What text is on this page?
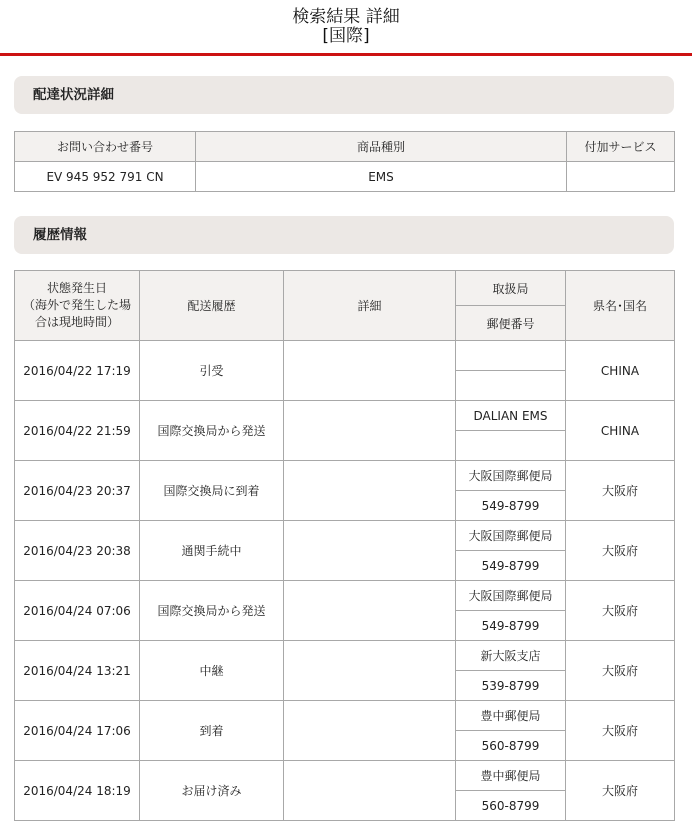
検索結果 詳細
[国際]
配達状況詳細
お問い合わせ番号	商品種別	付加サービス
EV 945 952 791 CN	EMS	
履歴情報
状態発生日
（海外で発生した場
合は現地時間）	配送履歴	詳細	取扱局	県名･国名
			郵便番号	
2016/04/22 17:19	引受			CHINA

2016/04/22 21:59	国際交換局から発送		DALIAN EMS	CHINA

2016/04/23 20:37	国際交換局に到着		大阪国際郵便局	大阪府
			549-8799	
2016/04/23 20:38	通関手続中		大阪国際郵便局	大阪府
			549-8799	
2016/04/24 07:06	国際交換局から発送		大阪国際郵便局	大阪府
			549-8799	
2016/04/24 13:21	中継		新大阪支店	大阪府
			539-8799	
2016/04/24 17:06	到着		豊中郵便局	大阪府
			560-8799	
2016/04/24 18:19	お届け済み		豊中郵便局	大阪府
			560-8799	
